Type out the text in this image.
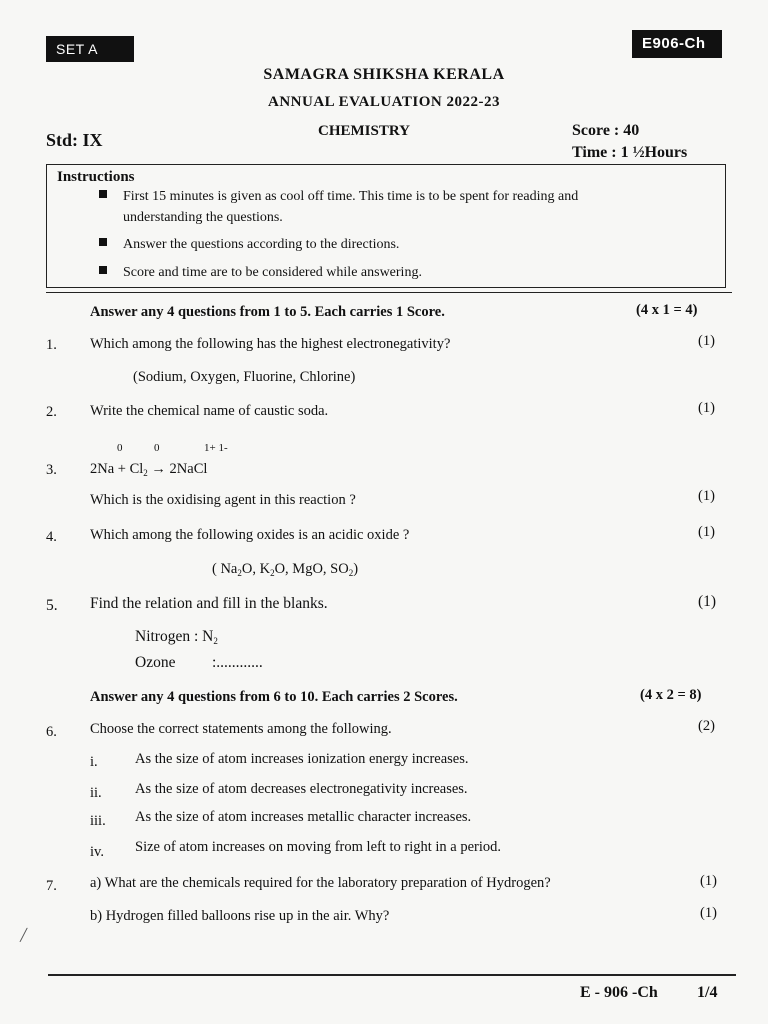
SET A	E906-Ch
SAMAGRA SHIKSHA KERALA
ANNUAL EVALUATION 2022-23
CHEMISTRY
Std: IX	Score : 40
Time : 1 ½Hours
Instructions
First 15 minutes is given as cool off time. This time is to be spent for reading and understanding the questions.
Answer the questions according to the directions.
Score and time are to be considered while answering.
Answer any 4 questions from 1 to 5. Each carries 1 Score.	(4 x 1 = 4)
1. Which among the following has the highest electronegativity?	(1)
(Sodium, Oxygen, Fluorine, Chlorine)
2. Write the chemical name of caustic soda.	(1)
0	0	1+ 1-
3. $2Na + Cl_2$ → 2NaCl
Which is the oxidising agent in this reaction ?	(1)
4. Which among the following oxides is an acidic oxide ?	(1)
( $Na_2O$, $K_2O$, MgO, $SO_2$)
5. Find the relation and fill in the blanks.	(1)
Nitrogen : $N_2$
Ozone :............
Answer any 4 questions from 6 to 10. Each carries 2 Scores.	(4 x 2 = 8)
6. Choose the correct statements among the following.	(2)
i.	As the size of atom increases ionization energy increases.
ii. As the size of atom decreases electronegativity increases.
iii. As the size of atom increases metallic character increases.
iv. Size of atom increases on moving from left to right in a period.
7. a) What are the chemicals required for the laboratory preparation of Hydrogen?	(1)
b) Hydrogen filled balloons rise up in the air. Why?	(1)
╱
E - 906 -Ch 1/4
